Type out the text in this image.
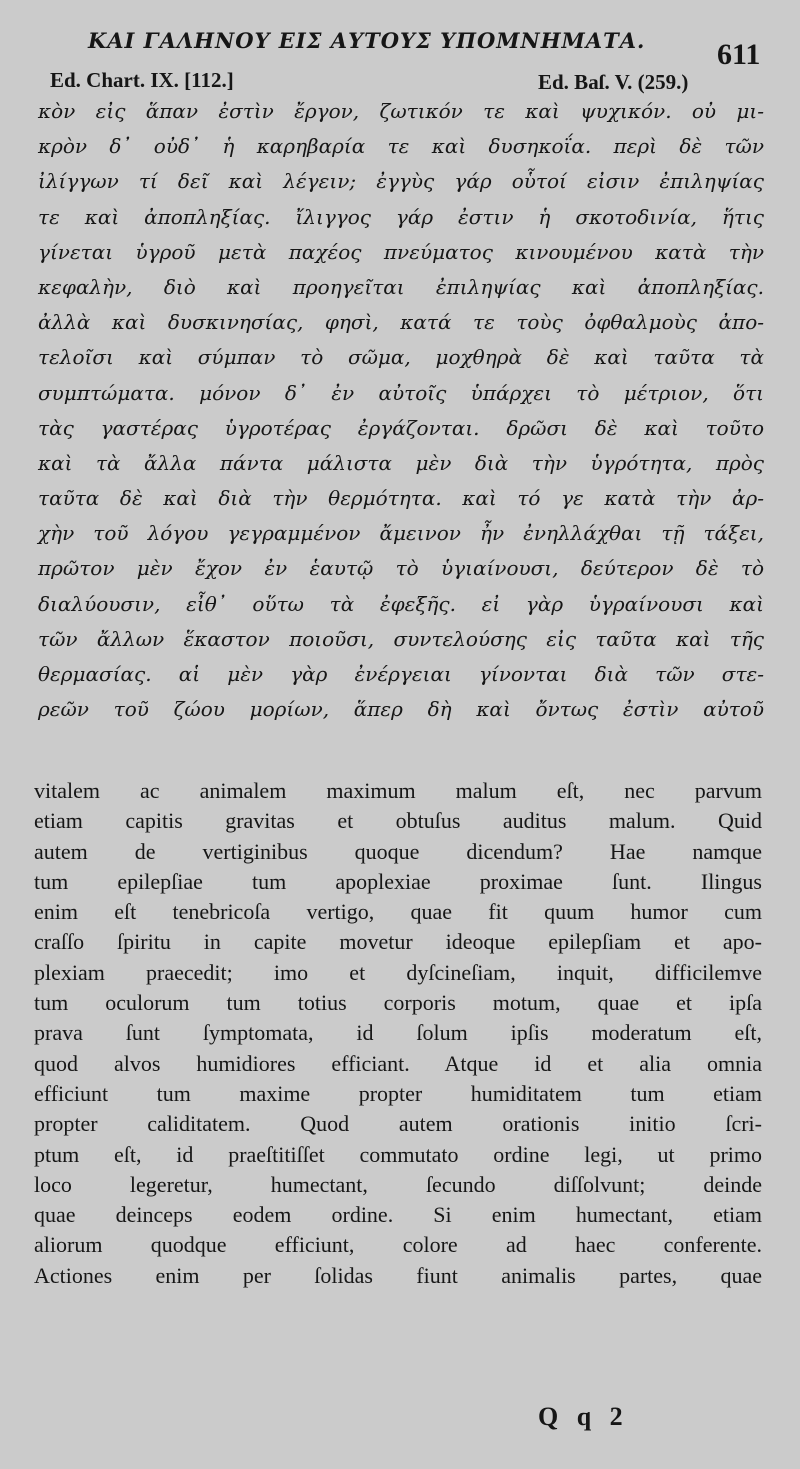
ΚΑΙ ΓΑΛΗΝΟΥ ΕΙΣ ΑΥΤΟΥΣ ΥΠΟΜΝΗΜΑΤΑ. 611
Ed. Chart. IX. [112.]	Ed. Baſ. V. (259.)
κὸν εἰς ἅπαν ἐστὶν ἔργον, ζωτικόν τε καὶ ψυχικόν. οὐ μι-
κρὸν δ᾽ οὐδ᾽ ἡ καρηβαρία τε καὶ δυσηκοΐα. περὶ δὲ τῶν
ἰλίγγων τί δεῖ καὶ λέγειν; ἐγγὺς γάρ οὗτοί εἰσιν ἐπιληψίας
τε καὶ ἀποπληξίας. ἴλιγγος γάρ ἐστιν ἡ σκοτοδινία, ἥτις
γίνεται ὑγροῦ μετὰ παχέος πνεύματος κινουμένου κατὰ τὴν
κεφαλὴν, διὸ καὶ προηγεῖται ἐπιληψίας καὶ ἀποπληξίας.
ἀλλὰ καὶ δυσκινησίας, φησὶ, κατά τε τοὺς ὀφθαλμοὺς ἀπο-
τελοῖσι καὶ σύμπαν τὸ σῶμα, μοχθηρὰ δὲ καὶ ταῦτα τὰ
συμπτώματα. μόνον δ᾽ ἐν αὐτοῖς ὑπάρχει τὸ μέτριον, ὅτι
τὰς γαστέρας ὑγροτέρας ἐργάζονται. δρῶσι δὲ καὶ τοῦτο
καὶ τὰ ἄλλα πάντα μάλιστα μὲν διὰ τὴν ὑγρότητα, πρὸς
ταῦτα δὲ καὶ διὰ τὴν θερμότητα. καὶ τό γε κατὰ τὴν ἀρ-
χὴν τοῦ λόγου γεγραμμένον ἄμεινον ἦν ἐνηλλάχθαι τῇ τάξει,
πρῶτον μὲν ἔχον ἐν ἑαυτῷ τὸ ὑγιαίνουσι, δεύτερον δὲ τὸ
διαλύουσιν, εἶθ᾽ οὕτω τὰ ἐφεξῆς. εἰ γὰρ ὑγραίνουσι καὶ
τῶν ἄλλων ἕκαστον ποιοῦσι, συντελούσης εἰς ταῦτα καὶ τῆς
θερμασίας. αἱ μὲν γὰρ ἐνέργειαι γίνονται διὰ τῶν στε-
ρεῶν τοῦ ζώου μορίων, ἅπερ δὴ καὶ ὄντως ἐστὶν αὐτοῦ
vitalem ac animalem maximum malum eſt, nec parvum
etiam capitis gravitas et obtuſus auditus malum. Quid
autem de vertiginibus quoque dicendum? Hae namque
tum epilepſiae tum apoplexiae proximae ſunt. Ilingus
enim eſt tenebricoſa vertigo, quae fit quum humor cum
craſſo ſpiritu in capite movetur ideoque epilepſiam et apo-
plexiam praecedit; imo et dyſcineſiam, inquit, difficilemve
tum oculorum tum totius corporis motum, quae et ipſa
prava ſunt ſymptomata, id ſolum ipſis moderatum eſt,
quod alvos humidiores efficiant. Atque id et alia omnia
efficiunt tum maxime propter humiditatem tum etiam
propter caliditatem. Quod autem orationis initio ſcri-
ptum eſt, id praeſtitiſſet commutato ordine legi, ut primo
loco legeretur, humectant, ſecundo diſſolvunt; deinde
quae deinceps eodem ordine. Si enim humectant, etiam
aliorum quodque efficiunt, colore ad haec conferente.
Actiones enim per ſolidas fiunt animalis partes, quae
Q q 2
